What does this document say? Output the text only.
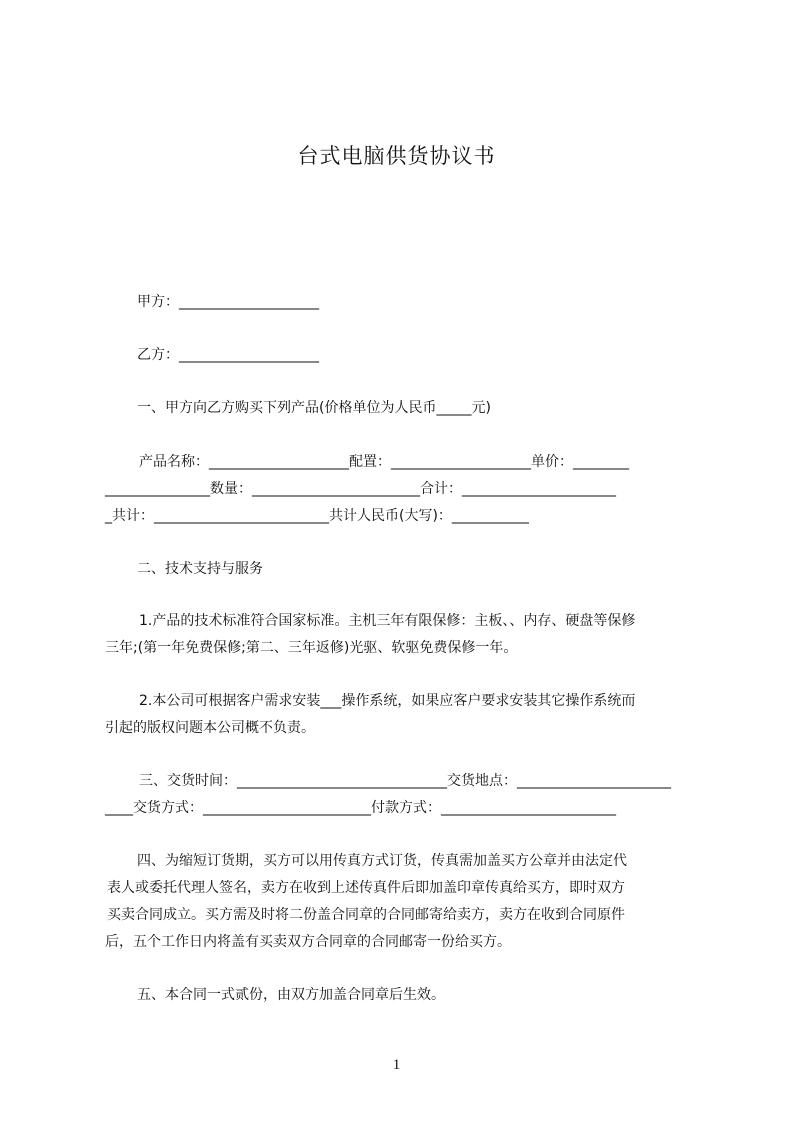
台式电脑供货协议书
甲方：____________________
乙方：____________________
一、甲方向乙方购买下列产品(价格单位为人民币_____元)
产品名称：____________________配置：____________________单价：________
_______________数量：________________________合计：______________________
_共计：_________________________共计人民币(大写)：___________
二、技术支持与服务
1.产品的技术标准符合国家标准。主机三年有限保修：主板、、内存、硬盘等保修
三年;(第一年免费保修;第二、三年返修)光驱、软驱免费保修一年。
2.本公司可根据客户需求安装___操作系统，如果应客户要求安装其它操作系统而
引起的版权问题本公司概不负责。
三、交货时间：______________________________交货地点：______________________
____交货方式：________________________付款方式：_________________________
四、为缩短订货期，买方可以用传真方式订货，传真需加盖买方公章并由法定代
表人或委托代理人签名，卖方在收到上述传真件后即加盖印章传真给买方，即时双方
买卖合同成立。买方需及时将二份盖合同章的合同邮寄给卖方，卖方在收到合同原件
后，五个工作日内将盖有买卖双方合同章的合同邮寄一份给买方。
五、本合同一式贰份，由双方加盖合同章后生效。
1
